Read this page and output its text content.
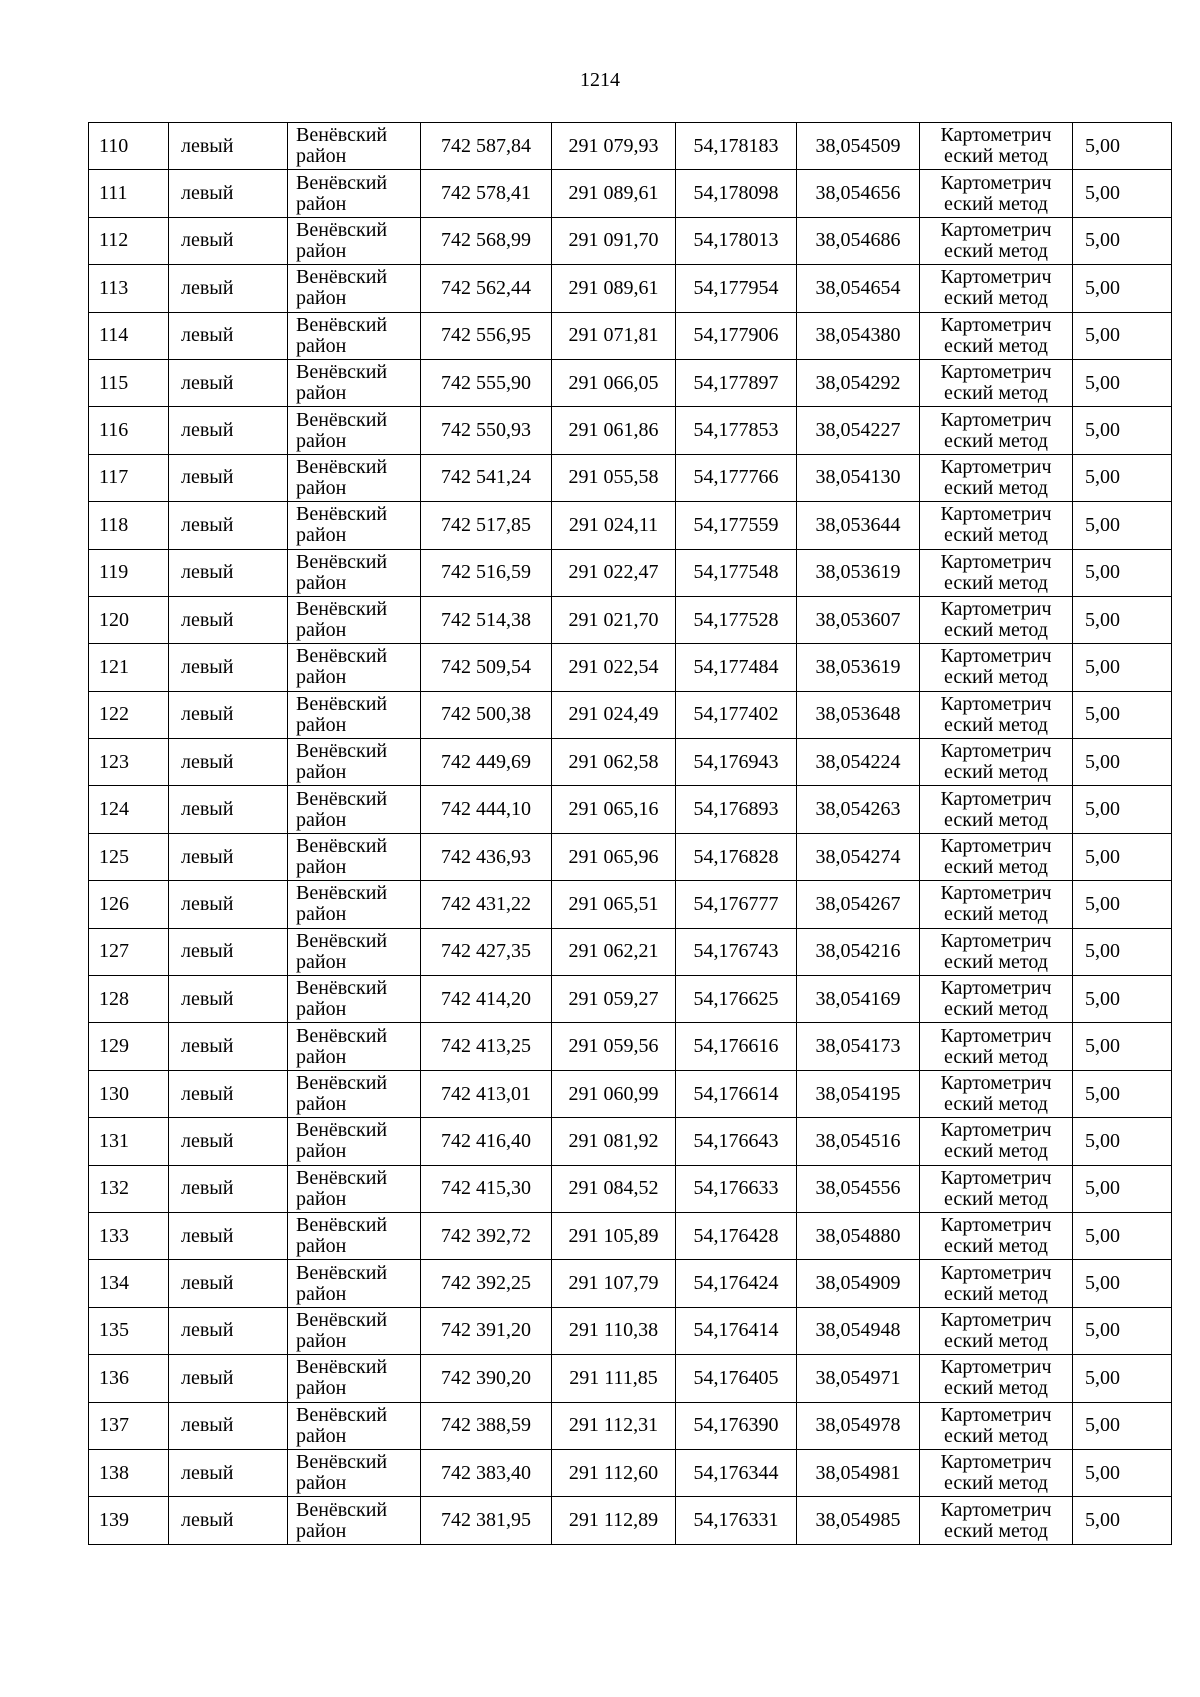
1214
110	левый	Венёвский район	742 587,84	291 079,93	54,178183	38,054509	Картометрич еский метод	5,00
111	левый	Венёвский район	742 578,41	291 089,61	54,178098	38,054656	Картометрич еский метод	5,00
112	левый	Венёвский район	742 568,99	291 091,70	54,178013	38,054686	Картометрич еский метод	5,00
113	левый	Венёвский район	742 562,44	291 089,61	54,177954	38,054654	Картометрич еский метод	5,00
114	левый	Венёвский район	742 556,95	291 071,81	54,177906	38,054380	Картометрич еский метод	5,00
115	левый	Венёвский район	742 555,90	291 066,05	54,177897	38,054292	Картометрич еский метод	5,00
116	левый	Венёвский район	742 550,93	291 061,86	54,177853	38,054227	Картометрич еский метод	5,00
117	левый	Венёвский район	742 541,24	291 055,58	54,177766	38,054130	Картометрич еский метод	5,00
118	левый	Венёвский район	742 517,85	291 024,11	54,177559	38,053644	Картометрич еский метод	5,00
119	левый	Венёвский район	742 516,59	291 022,47	54,177548	38,053619	Картометрич еский метод	5,00
120	левый	Венёвский район	742 514,38	291 021,70	54,177528	38,053607	Картометрич еский метод	5,00
121	левый	Венёвский район	742 509,54	291 022,54	54,177484	38,053619	Картометрич еский метод	5,00
122	левый	Венёвский район	742 500,38	291 024,49	54,177402	38,053648	Картометрич еский метод	5,00
123	левый	Венёвский район	742 449,69	291 062,58	54,176943	38,054224	Картометрич еский метод	5,00
124	левый	Венёвский район	742 444,10	291 065,16	54,176893	38,054263	Картометрич еский метод	5,00
125	левый	Венёвский район	742 436,93	291 065,96	54,176828	38,054274	Картометрич еский метод	5,00
126	левый	Венёвский район	742 431,22	291 065,51	54,176777	38,054267	Картометрич еский метод	5,00
127	левый	Венёвский район	742 427,35	291 062,21	54,176743	38,054216	Картометрич еский метод	5,00
128	левый	Венёвский район	742 414,20	291 059,27	54,176625	38,054169	Картометрич еский метод	5,00
129	левый	Венёвский район	742 413,25	291 059,56	54,176616	38,054173	Картометрич еский метод	5,00
130	левый	Венёвский район	742 413,01	291 060,99	54,176614	38,054195	Картометрич еский метод	5,00
131	левый	Венёвский район	742 416,40	291 081,92	54,176643	38,054516	Картометрич еский метод	5,00
132	левый	Венёвский район	742 415,30	291 084,52	54,176633	38,054556	Картометрич еский метод	5,00
133	левый	Венёвский район	742 392,72	291 105,89	54,176428	38,054880	Картометрич еский метод	5,00
134	левый	Венёвский район	742 392,25	291 107,79	54,176424	38,054909	Картометрич еский метод	5,00
135	левый	Венёвский район	742 391,20	291 110,38	54,176414	38,054948	Картометрич еский метод	5,00
136	левый	Венёвский район	742 390,20	291 111,85	54,176405	38,054971	Картометрич еский метод	5,00
137	левый	Венёвский район	742 388,59	291 112,31	54,176390	38,054978	Картометрич еский метод	5,00
138	левый	Венёвский район	742 383,40	291 112,60	54,176344	38,054981	Картометрич еский метод	5,00
139	левый	Венёвский район	742 381,95	291 112,89	54,176331	38,054985	Картометрич еский метод	5,00
